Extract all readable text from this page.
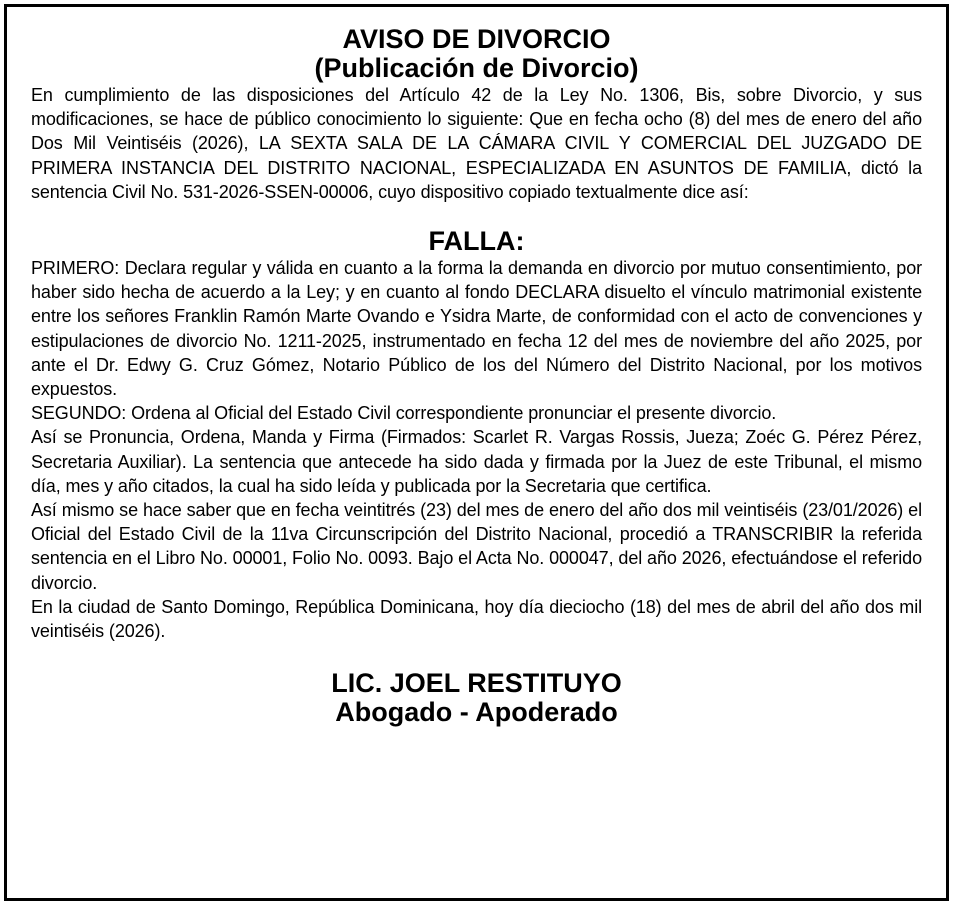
AVISO DE DIVORCIO
(Publicación de Divorcio)

En cumplimiento de las disposiciones del Artículo 42 de la Ley No. 1306, Bis, sobre Divorcio, y sus modificaciones, se hace de público conocimiento lo siguiente: Que en fecha ocho (8) del mes de enero del año Dos Mil Veintiséis (2026), LA SEXTA SALA DE LA CÁMARA CIVIL Y COMERCIAL DEL JUZGADO DE PRIMERA INSTANCIA DEL DISTRITO NACIONAL, ESPECIALIZADA EN ASUNTOS DE FAMILIA, dictó la sentencia Civil No. 531-2026-SSEN-00006, cuyo dispositivo copiado textualmente dice así:

FALLA:

PRIMERO: Declara regular y válida en cuanto a la forma la demanda en divorcio por mutuo consentimiento, por haber sido hecha de acuerdo a la Ley; y en cuanto al fondo DECLARA disuelto el vínculo matrimonial existente entre los señores Franklin Ramón Marte Ovando e Ysidra Marte, de conformidad con el acto de convenciones y estipulaciones de divorcio No. 1211-2025, instrumentado en fecha 12 del mes de noviembre del año 2025, por ante el Dr. Edwy G. Cruz Gómez, Notario Público de los del Número del Distrito Nacional, por los motivos expuestos.

SEGUNDO: Ordena al Oficial del Estado Civil correspondiente pronunciar el presente divorcio.

Así se Pronuncia, Ordena, Manda y Firma (Firmados: Scarlet R. Vargas Rossis, Jueza; Zoéc G. Pérez Pérez, Secretaria Auxiliar). La sentencia que antecede ha sido dada y firmada por la Juez de este Tribunal, el mismo día, mes y año citados, la cual ha sido leída y publicada por la Secretaria que certifica.

Así mismo se hace saber que en fecha veintitrés (23) del mes de enero del año dos mil veintiséis (23/01/2026) el Oficial del Estado Civil de la 11va Circunscripción del Distrito Nacional, procedió a TRANSCRIBIR la referida sentencia en el Libro No. 00001, Folio No. 0093. Bajo el Acta No. 000047, del año 2026, efectuándose el referido divorcio.

En la ciudad de Santo Domingo, República Dominicana, hoy día dieciocho (18) del mes de abril del año dos mil veintiséis (2026).

LIC. JOEL RESTITUYO
Abogado - Apoderado
